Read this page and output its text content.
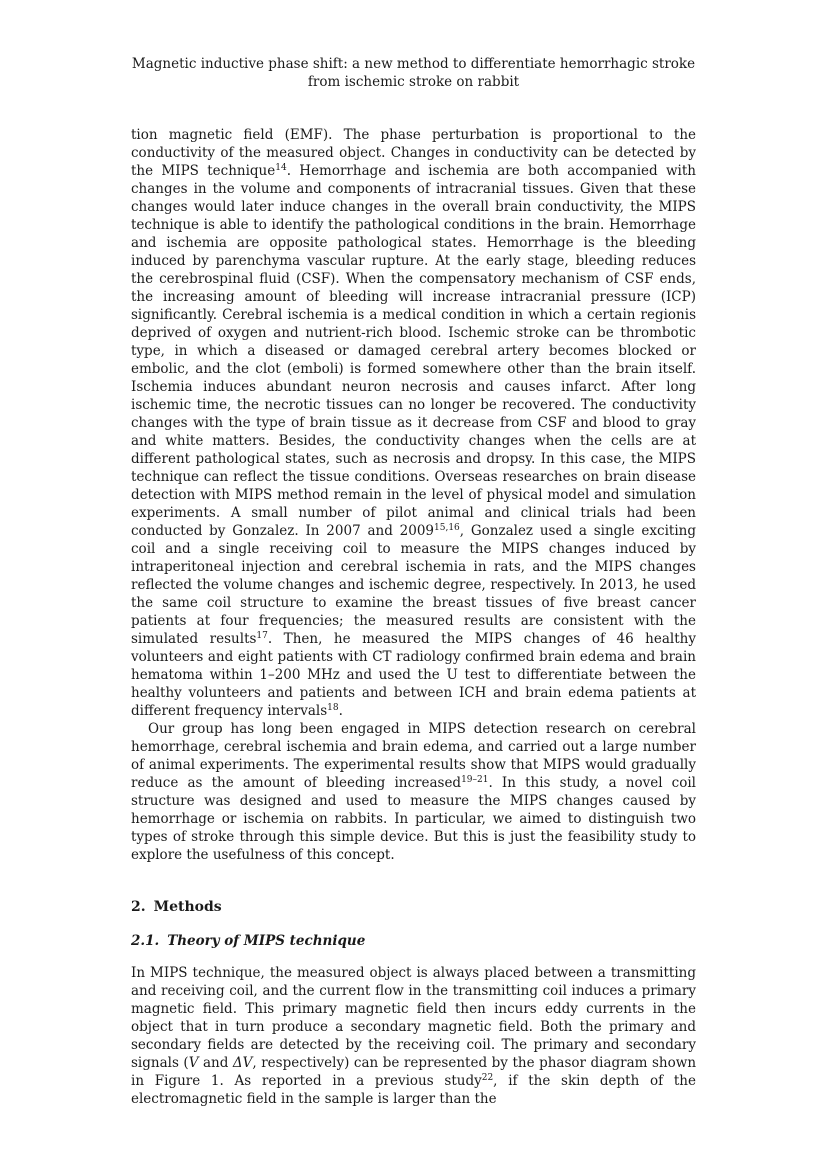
Magnetic inductive phase shift: a new method to differentiate hemorrhagic stroke
from ischemic stroke on rabbit

tion magnetic field (EMF). The phase perturbation is proportional to the conductivity of the measured object. Changes in conductivity can be detected by the MIPS technique$^{14}$. Hemorrhage and ischemia are both accompanied with changes in the volume and components of intracranial tissues. Given that these changes would later induce changes in the overall brain conductivity, the MIPS technique is able to identify the pathological conditions in the brain. Hemorrhage and ischemia are opposite pathological states. Hemorrhage is the bleeding induced by parenchyma vascular rupture. At the early stage, bleeding reduces the cerebrospinal fluid (CSF). When the compensatory mechanism of CSF ends, the increasing amount of bleeding will increase intracranial pressure (ICP) significantly. Cerebral ischemia is a medical condition in which a certain regionis deprived of oxygen and nutrient-rich blood. Ischemic stroke can be thrombotic type, in which a diseased or damaged cerebral artery becomes blocked or embolic, and the clot (emboli) is formed somewhere other than the brain itself. Ischemia induces abundant neuron necrosis and causes infarct. After long ischemic time, the necrotic tissues can no longer be recovered. The conductivity changes with the type of brain tissue as it decrease from CSF and blood to gray and white matters. Besides, the conductivity changes when the cells are at different pathological states, such as necrosis and dropsy. In this case, the MIPS technique can reflect the tissue conditions. Overseas researches on brain disease detection with MIPS method remain in the level of physical model and simulation experiments. A small number of pilot animal and clinical trials had been conducted by Gonzalez. In 2007 and 2009$^{15,16}$, Gonzalez used a single exciting coil and a single receiving coil to measure the MIPS changes induced by intraperitoneal injection and cerebral ischemia in rats, and the MIPS changes reflected the volume changes and ischemic degree, respectively. In 2013, he used the same coil structure to examine the breast tissues of five breast cancer patients at four frequencies; the measured results are consistent with the simulated results$^{17}$. Then, he measured the MIPS changes of 46 healthy volunteers and eight patients with CT radiology confirmed brain edema and brain hematoma within 1–200 MHz and used the U test to differentiate between the healthy volunteers and patients and between ICH and brain edema patients at different frequency intervals$^{18}$.

Our group has long been engaged in MIPS detection research on cerebral hemorrhage, cerebral ischemia and brain edema, and carried out a large number of animal experiments. The experimental results show that MIPS would gradually reduce as the amount of bleeding increased$^{19-21}$. In this study, a novel coil structure was designed and used to measure the MIPS changes caused by hemorrhage or ischemia on rabbits. In particular, we aimed to distinguish two types of stroke through this simple device. But this is just the feasibility study to explore the usefulness of this concept.

2. Methods
2.1. Theory of MIPS technique

In MIPS technique, the measured object is always placed between a transmitting and receiving coil, and the current flow in the transmitting coil induces a primary magnetic field. This primary magnetic field then incurs eddy currents in the object that in turn produce a secondary magnetic field. Both the primary and secondary fields are detected by the receiving coil. The primary and secondary signals (V and ΔV, respectively) can be represented by the phasor diagram shown in Figure 1. As reported in a previous study$^{22}$, if the skin depth of the electromagnetic field in the sample is larger than the
